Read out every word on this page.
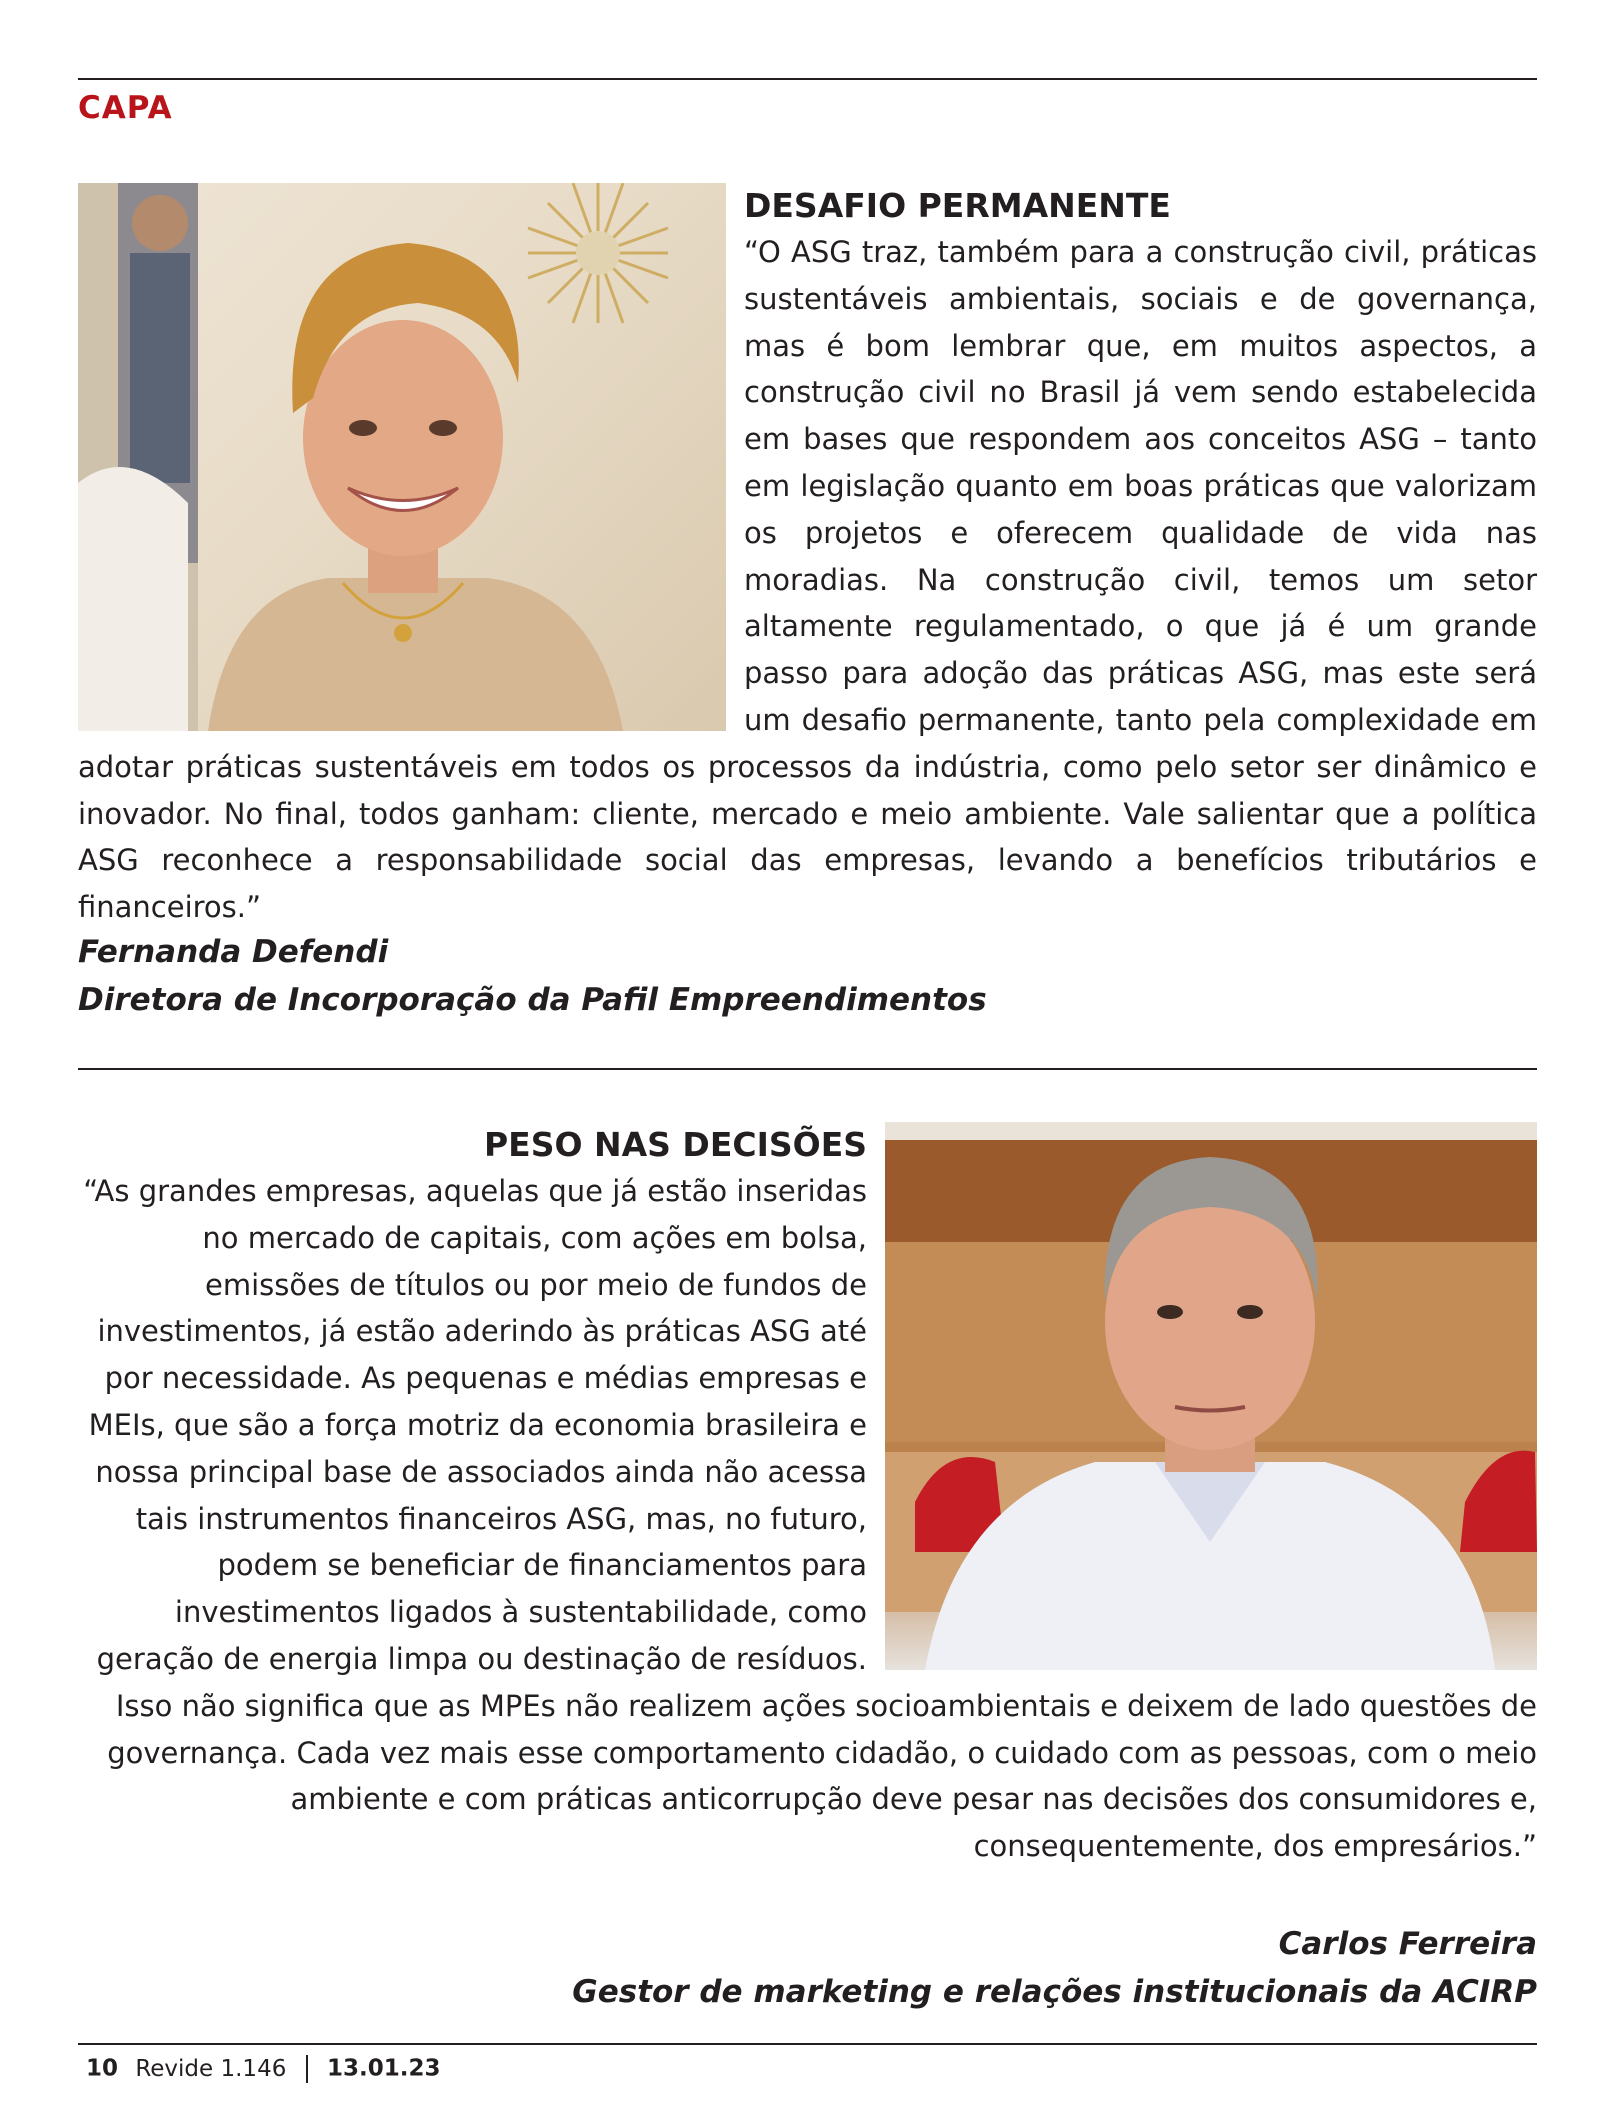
CAPA

DESAFIO PERMANENTE

“O ASG traz, também para a construção civil, práticas sustentáveis ambientais, sociais e de governança, mas é bom lembrar que, em muitos aspectos, a construção civil no Brasil já vem sendo estabelecida em bases que respondem aos conceitos ASG – tanto em legislação quanto em boas práticas que valorizam os projetos e oferecem qualidade de vida nas moradias. Na construção civil, temos um setor altamente regulamentado, o que já é um grande passo para adoção das práticas ASG, mas este será um desafio permanente, tanto pela complexidade em adotar práticas sustentáveis em todos os processos da indústria, como pelo setor ser dinâmico e inovador. No final, todos ganham: cliente, mercado e meio ambiente. Vale salientar que a política ASG reconhece a responsabilidade social das empresas, levando a benefícios tributários e financeiros.”

Fernanda Defendi
Diretora de Incorporação da Pafil Empreendimentos

PESO NAS DECISÕES

“As grandes empresas, aquelas que já estão inseridas no mercado de capitais, com ações em bolsa, emissões de títulos ou por meio de fundos de investimentos, já estão aderindo às práticas ASG até por necessidade. As pequenas e médias empresas e MEIs, que são a força motriz da economia brasileira e nossa principal base de associados ainda não acessa tais instrumentos financeiros ASG, mas, no futuro, podem se beneficiar de financiamentos para investimentos ligados à sustentabilidade, como geração de energia limpa ou destinação de resíduos. Isso não significa que as MPEs não realizem ações socioambientais e deixem de lado questões de governança. Cada vez mais esse comportamento cidadão, o cuidado com as pessoas, com o meio ambiente e com práticas anticorrupção deve pesar nas decisões dos consumidores e, consequentemente, dos empresários.”

Carlos Ferreira
Gestor de marketing e relações institucionais da ACIRP
10 Revide 1.146 13.01.23
